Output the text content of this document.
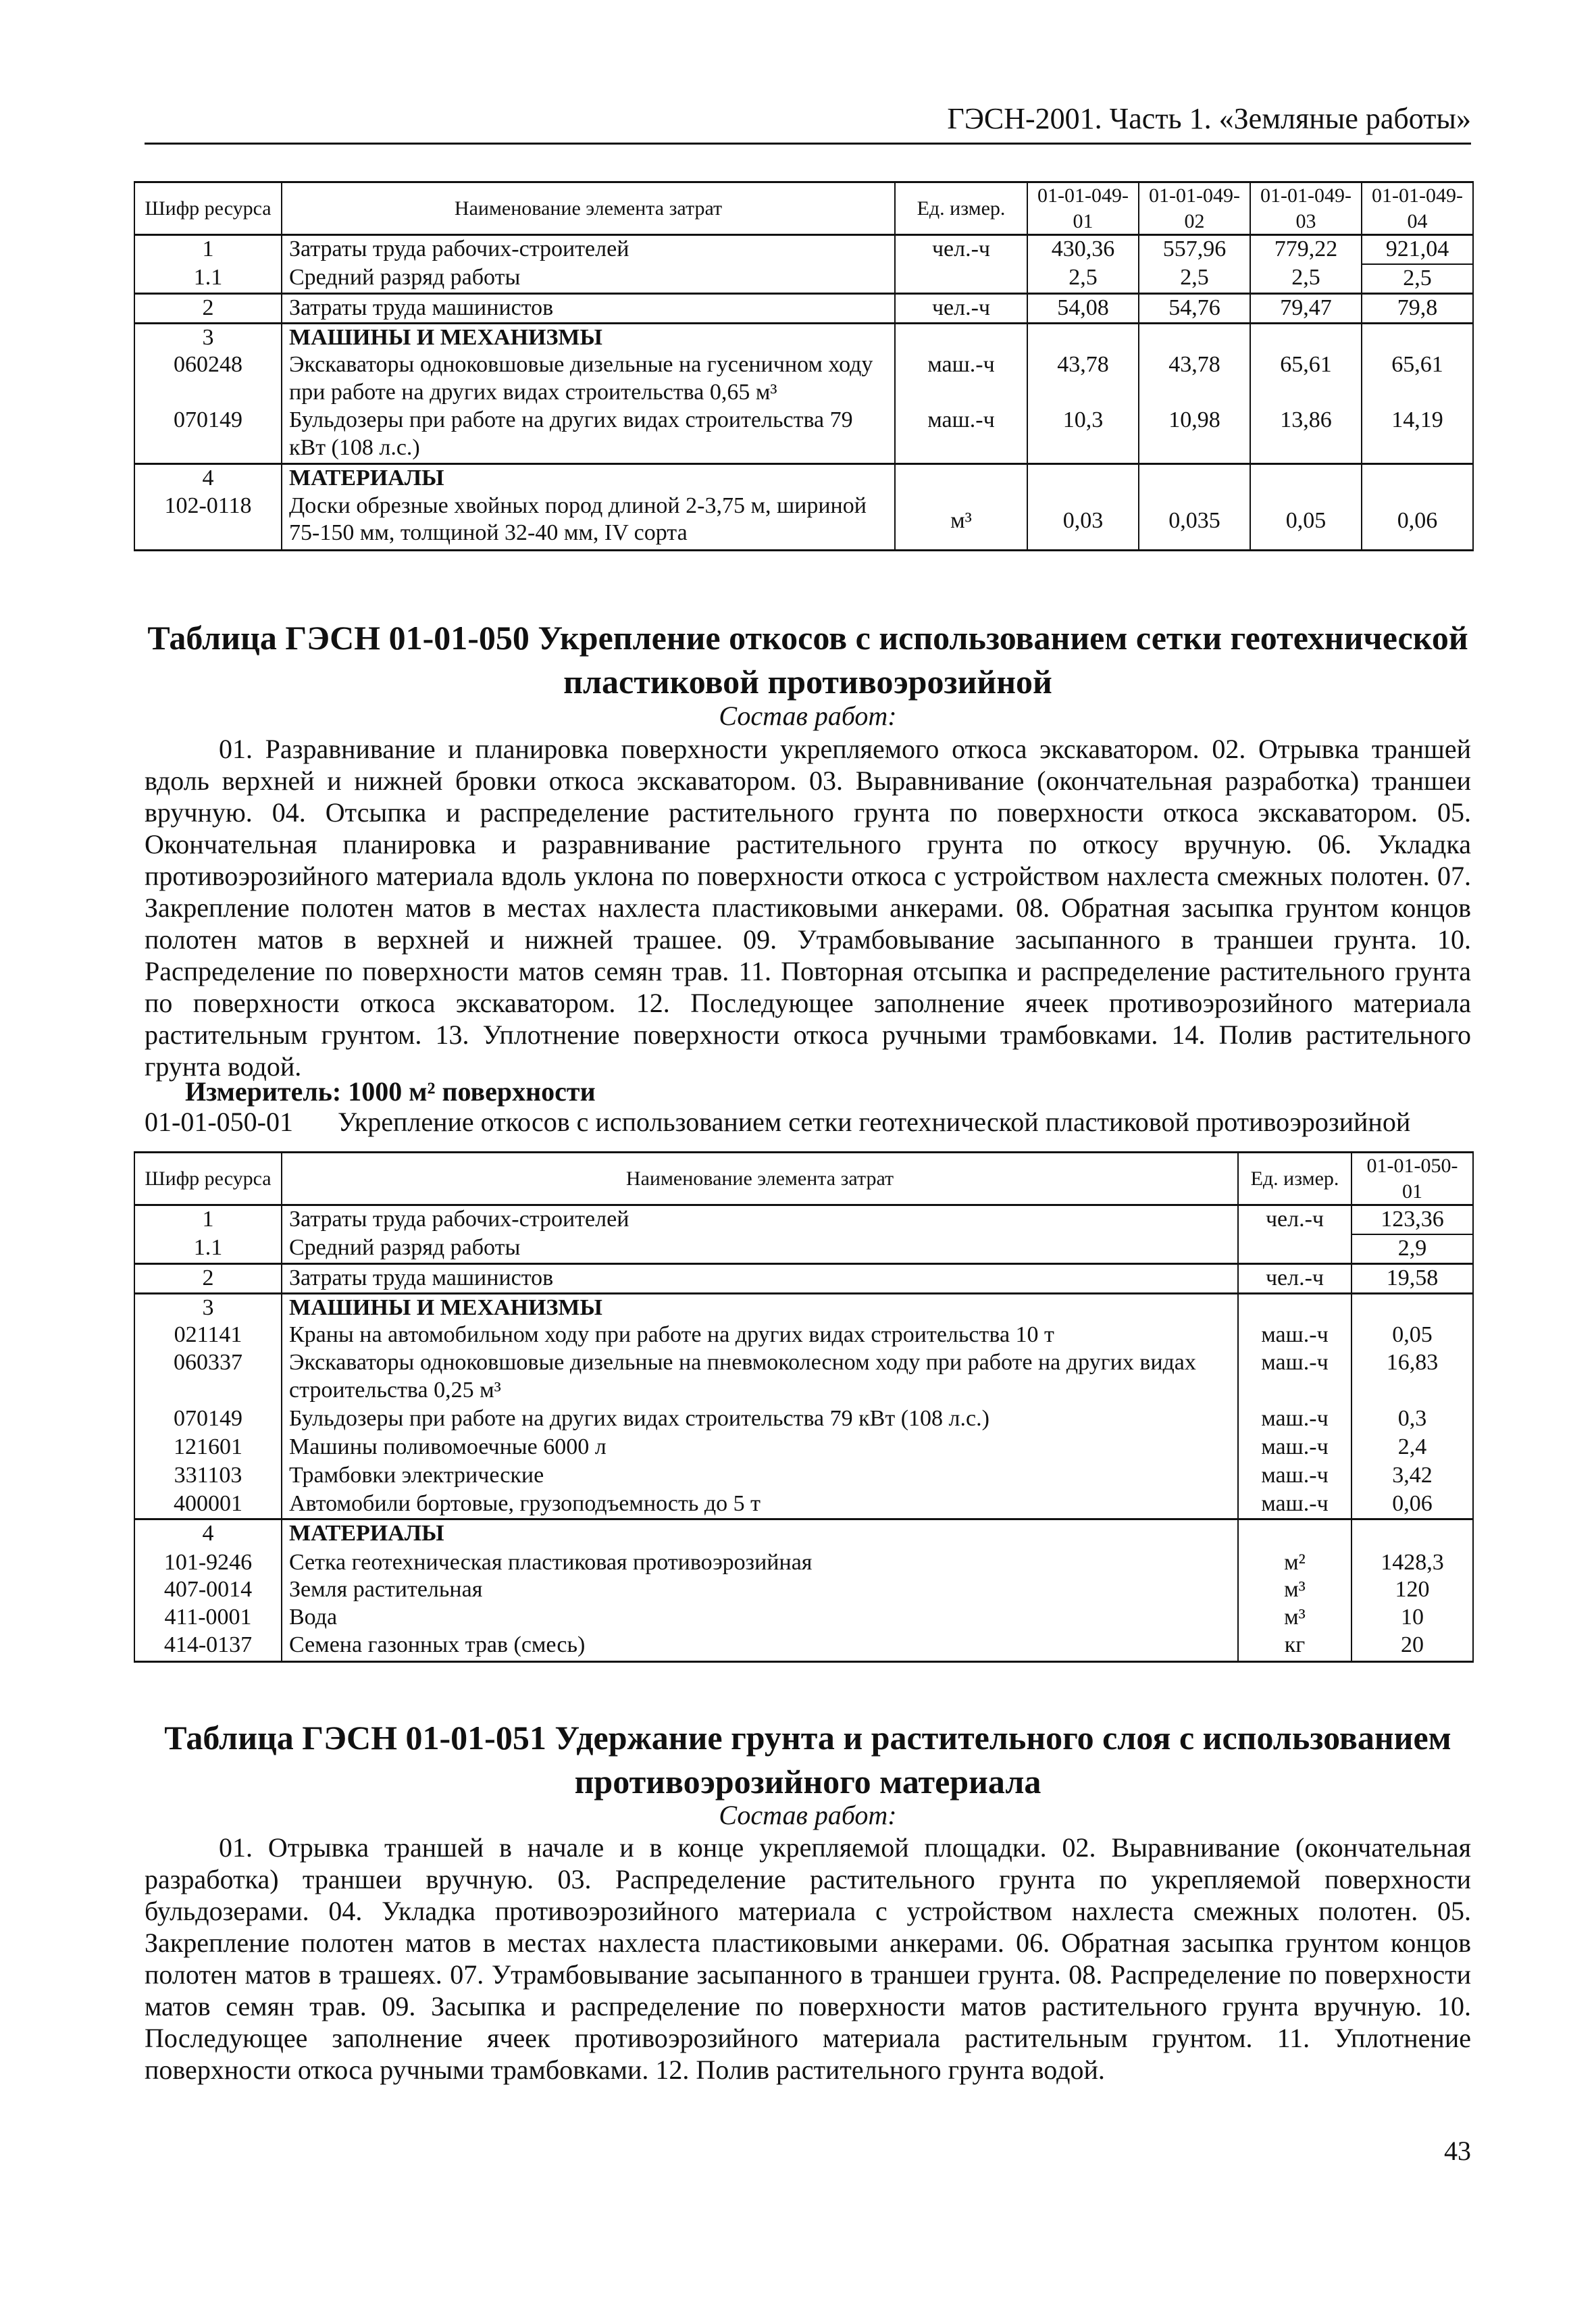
ГЭСН-2001. Часть 1. «Земляные работы»
Шифр ресурса	Наименование элемента затрат	Ед. измер.	01-01-049-01	01-01-049-02	01-01-049-03	01-01-049-04
1	Затраты труда рабочих-строителей	чел.-ч	430,36	557,96	779,22	921,04
1.1	Средний разряд работы		2,5	2,5	2,5	2,5
2	Затраты труда машинистов	чел.-ч	54,08	54,76	79,47	79,8
3	МАШИНЫ И МЕХАНИЗМЫ					
060248	Экскаваторы одноковшовые дизельные на гусеничном ходу при работе на других видах строительства 0,65 м³	маш.-ч	43,78	43,78	65,61	65,61
070149	Бульдозеры при работе на других видах строительства 79 кВт (108 л.с.)	маш.-ч	10,3	10,98	13,86	14,19
4	МАТЕРИАЛЫ					
102-0118	Доски обрезные хвойных пород длиной 2-3,75 м, шириной 75-150 мм, толщиной 32-40 мм, IV сорта	м³	0,03	0,035	0,05	0,06
Таблица ГЭСН 01-01-050 Укрепление откосов с использованием сетки геотехнической пластиковой противоэрозийной
Состав работ:
01. Разравнивание и планировка поверхности укрепляемого откоса экскаватором. 02. Отрывка траншей вдоль верхней и нижней бровки откоса экскаватором. 03. Выравнивание (окончательная разработка) траншеи вручную. 04. Отсыпка и распределение растительного грунта по поверхности откоса экскаватором. 05. Окончательная планировка и разравнивание растительного грунта по откосу вручную. 06. Укладка противоэрозийного материала вдоль уклона по поверхности откоса с устройством нахлеста смежных полотен. 07. Закрепление полотен матов в местах нахлеста пластиковыми анкерами. 08. Обратная засыпка грунтом концов полотен матов в верхней и нижней трашее. 09. Утрамбовывание засыпанного в траншеи грунта. 10. Распределение по поверхности матов семян трав. 11. Повторная отсыпка и распределение растительного грунта по поверхности откоса экскаватором. 12. Последующее заполнение ячеек противоэрозийного материала растительным грунтом. 13. Уплотнение поверхности откоса ручными трамбовками. 14. Полив растительного грунта водой.
Измеритель: 1000 м² поверхности
01-01-050-01 Укрепление откосов с использованием сетки геотехнической пластиковой противоэрозийной
Шифр ресурса	Наименование элемента затрат	Ед. измер.	01-01-050-01
1	Затраты труда рабочих-строителей	чел.-ч	123,36
1.1	Средний разряд работы		2,9
2	Затраты труда машинистов	чел.-ч	19,58
3	МАШИНЫ И МЕХАНИЗМЫ		
021141	Краны на автомобильном ходу при работе на других видах строительства 10 т	маш.-ч	0,05
060337	Экскаваторы одноковшовые дизельные на пневмоколесном ходу при работе на других видах строительства 0,25 м³	маш.-ч	16,83
070149	Бульдозеры при работе на других видах строительства 79 кВт (108 л.с.)	маш.-ч	0,3
121601	Машины поливомоечные 6000 л	маш.-ч	2,4
331103	Трамбовки электрические	маш.-ч	3,42
400001	Автомобили бортовые, грузоподъемность до 5 т	маш.-ч	0,06
4	МАТЕРИАЛЫ		
101-9246	Сетка геотехническая пластиковая противоэрозийная	м²	1428,3
407-0014	Земля растительная	м³	120
411-0001	Вода	м³	10
414-0137	Семена газонных трав (смесь)	кг	20
Таблица ГЭСН 01-01-051 Удержание грунта и растительного слоя с использованием противоэрозийного материала
Состав работ:
01. Отрывка траншей в начале и в конце укрепляемой площадки. 02. Выравнивание (окончательная разработка) траншеи вручную. 03. Распределение растительного грунта по укрепляемой поверхности бульдозерами. 04. Укладка противоэрозийного материала с устройством нахлеста смежных полотен. 05. Закрепление полотен матов в местах нахлеста пластиковыми анкерами. 06. Обратная засыпка грунтом концов полотен матов в трашеях. 07. Утрамбовывание засыпанного в траншеи грунта. 08. Распределение по поверхности матов семян трав. 09. Засыпка и распределение по поверхности матов растительного грунта вручную. 10. Последующее заполнение ячеек противоэрозийного материала растительным грунтом. 11. Уплотнение поверхности откоса ручными трамбовками. 12. Полив растительного грунта водой.
43
